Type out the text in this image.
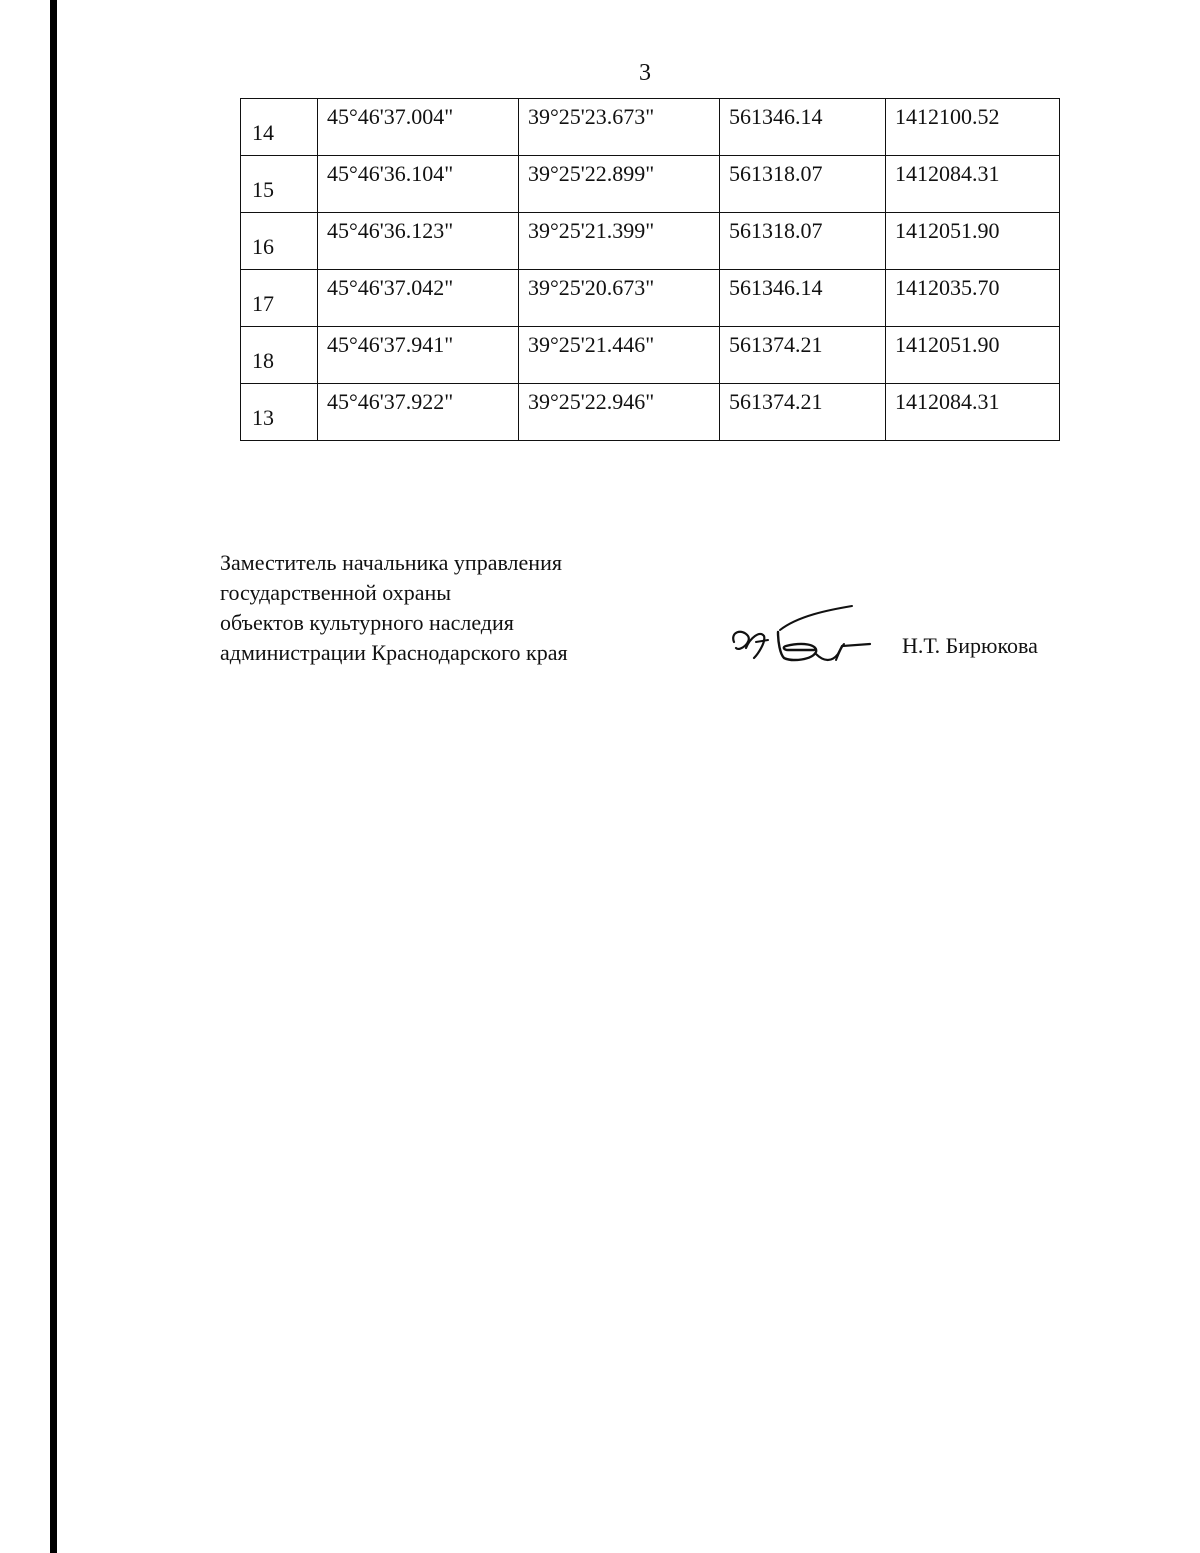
3
14	45°46'37.004"	39°25'23.673"	561346.14	1412100.52

15	45°46'36.104"	39°25'22.899"	561318.07	1412084.31

16	45°46'36.123"	39°25'21.399"	561318.07	1412051.90

17	45°46'37.042"	39°25'20.673"	561346.14	1412035.70

18	45°46'37.941"	39°25'21.446"	561374.21	1412051.90

13	45°46'37.922"	39°25'22.946"	561374.21	1412084.31
Заместитель начальника управления
государственной охраны
объектов культурного наследия
администрации Краснодарского края	Н.Т. Бирюкова
